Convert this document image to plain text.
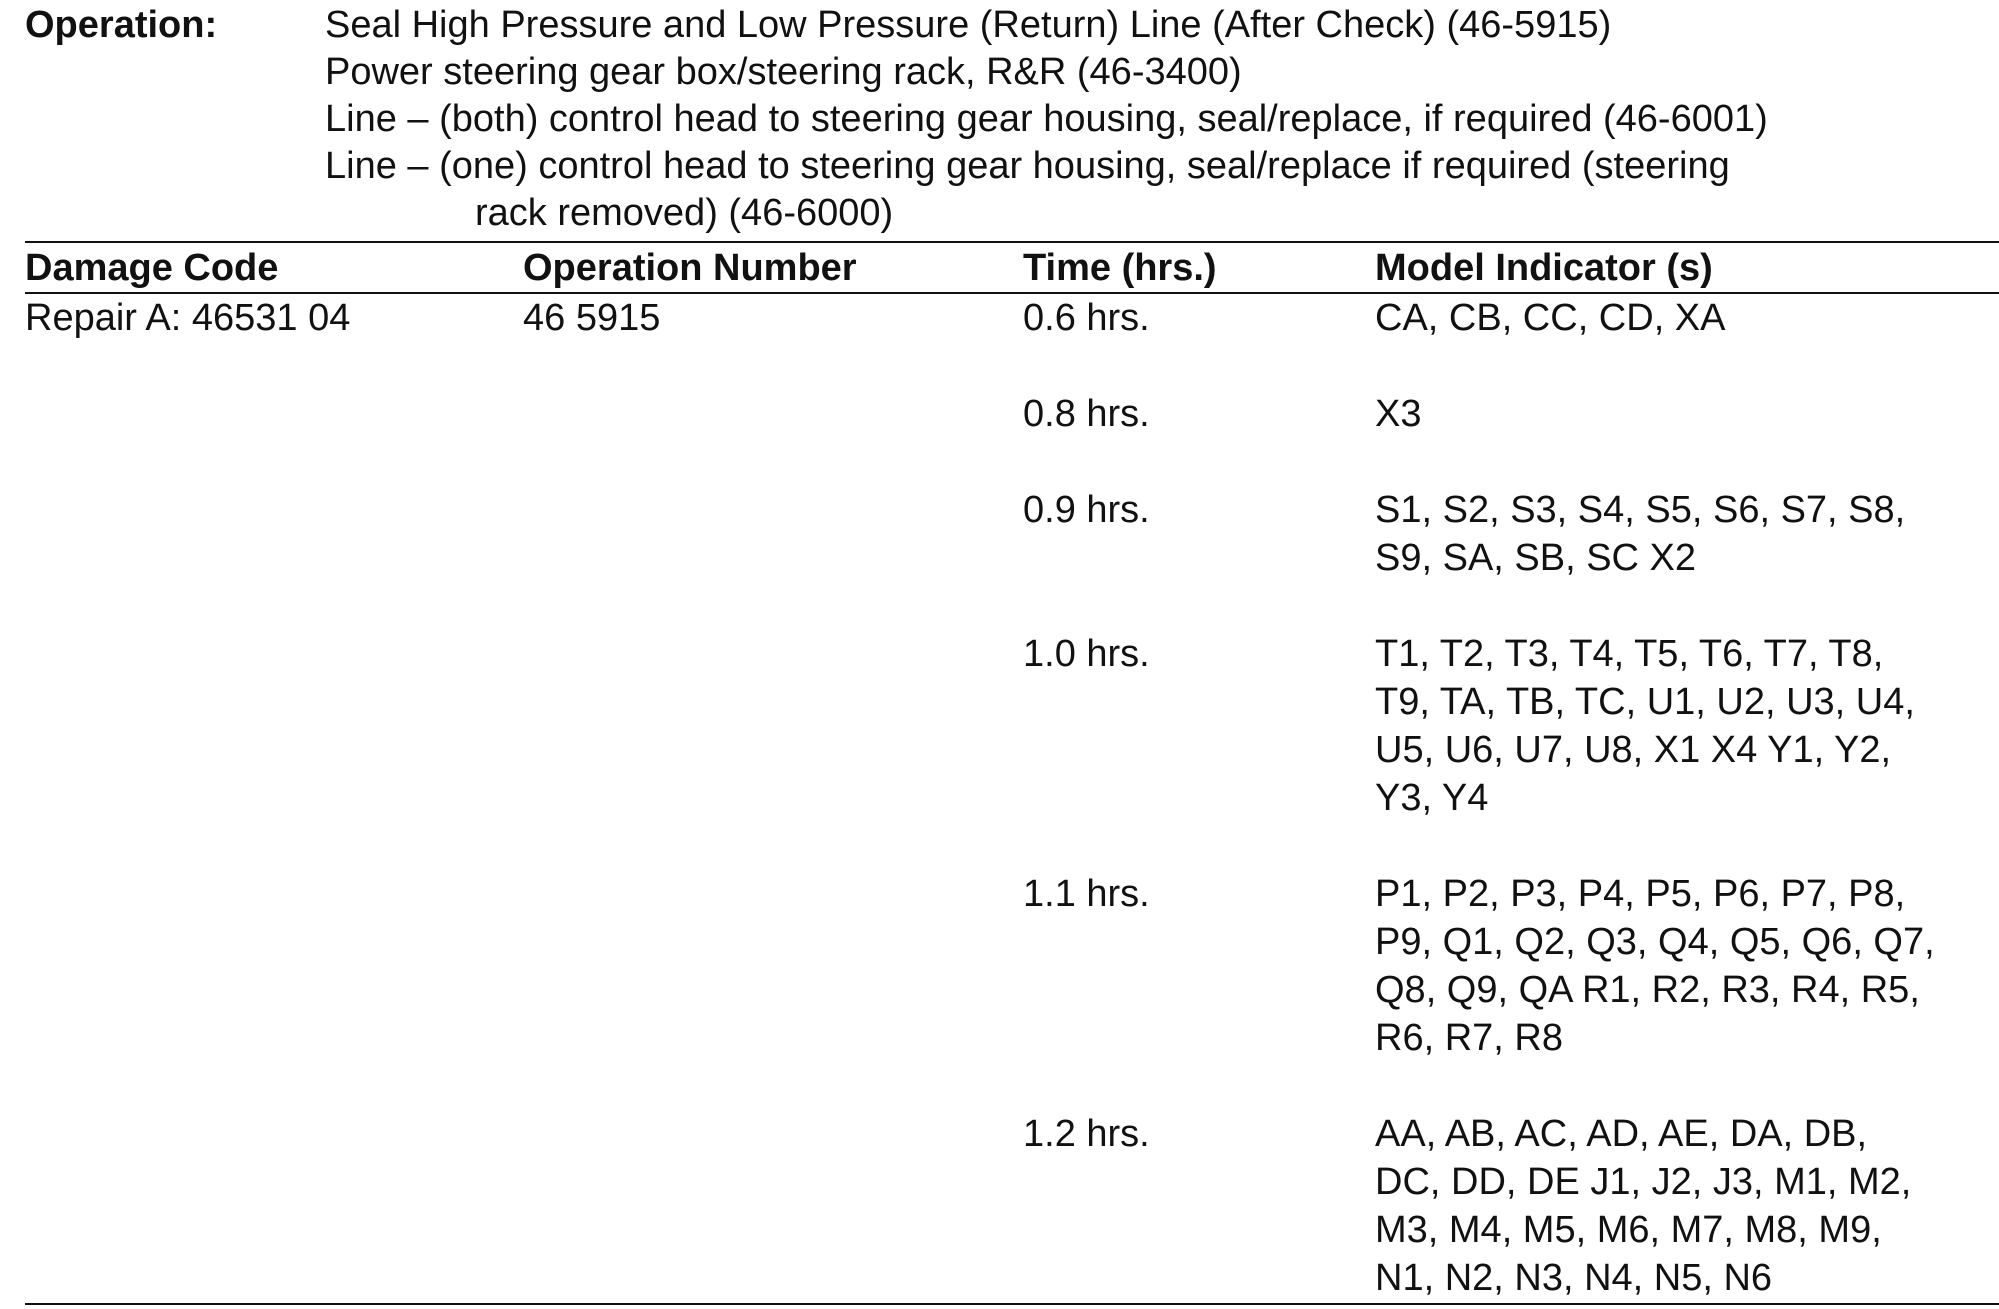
Operation:	Seal High Pressure and Low Pressure (Return) Line (After Check) (46-5915)
Power steering gear box/steering rack, R&R (46-3400)
Line – (both) control head to steering gear housing, seal/replace, if required (46-6001)
Line – (one) control head to steering gear housing, seal/replace if required (steering
rack removed) (46-6000)
Damage Code	Operation Number	Time (hrs.)	Model Indicator (s)
Repair A: 46531 04	46 5915	0.6 hrs.	CA, CB, CC, CD, XA
0.8 hrs.	X3
0.9 hrs.	S1, S2, S3, S4, S5, S6, S7, S8,
S9, SA, SB, SC X2
1.0 hrs.	T1, T2, T3, T4, T5, T6, T7, T8,
T9, TA, TB, TC, U1, U2, U3, U4,
U5, U6, U7, U8, X1 X4 Y1, Y2,
Y3, Y4
1.1 hrs.	P1, P2, P3, P4, P5, P6, P7, P8,
P9, Q1, Q2, Q3, Q4, Q5, Q6, Q7,
Q8, Q9, QA R1, R2, R3, R4, R5,
R6, R7, R8
1.2 hrs.	AA, AB, AC, AD, AE, DA, DB,
DC, DD, DE J1, J2, J3, M1, M2,
M3, M4, M5, M6, M7, M8, M9,
N1, N2, N3, N4, N5, N6
